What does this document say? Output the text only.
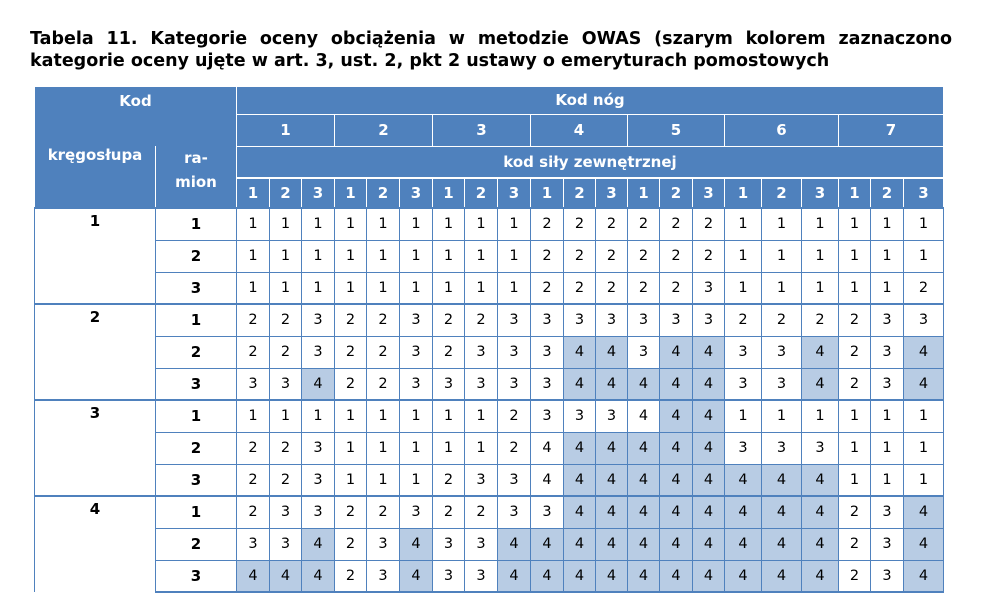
Tabela 11. Kategorie oceny obciążenia w metodzie OWAS (szarym kolorem zaznaczono kategorie oceny ujęte w art. 3, ust. 2, pkt 2 ustawy o emeryturach pomostowych
Kod		Kod nóg																				
		1			2			3			4			5			6			7		
kręgosłupa	ra-
mion	kod siły zewnętrznej																				
		1	2	3	1	2	3	1	2	3	1	2	3	1	2	3	1	2	3	1	2	3
1	1	1	1	1	1	1	1	1	1	1	2	2	2	2	2	2	1	1	1	1	1	1
	2	1	1	1	1	1	1	1	1	1	2	2	2	2	2	2	1	1	1	1	1	1
	3	1	1	1	1	1	1	1	1	1	2	2	2	2	2	3	1	1	1	1	1	2
2	1	2	2	3	2	2	3	2	2	3	3	3	3	3	3	3	2	2	2	2	3	3
	2	2	2	3	2	2	3	2	3	3	3	4	4	3	4	4	3	3	4	2	3	4
	3	3	3	4	2	2	3	3	3	3	3	4	4	4	4	4	3	3	4	2	3	4
3	1	1	1	1	1	1	1	1	1	2	3	3	3	4	4	4	1	1	1	1	1	1
	2	2	2	3	1	1	1	1	1	2	4	4	4	4	4	4	3	3	3	1	1	1
	3	2	2	3	1	1	1	2	3	3	4	4	4	4	4	4	4	4	4	1	1	1
4	1	2	3	3	2	2	3	2	2	3	3	4	4	4	4	4	4	4	4	2	3	4
	2	3	3	4	2	3	4	3	3	4	4	4	4	4	4	4	4	4	4	2	3	4
	3	4	4	4	2	3	4	3	3	4	4	4	4	4	4	4	4	4	4	2	3	4
